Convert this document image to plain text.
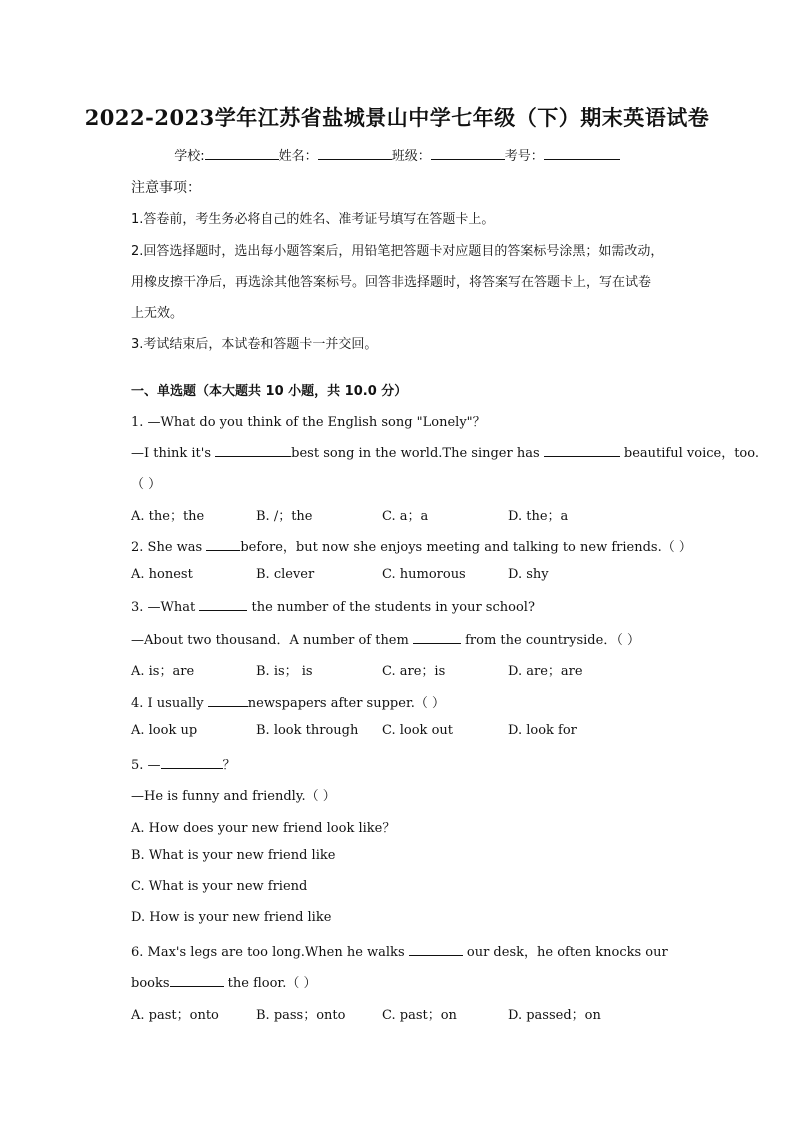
2022-2023学年江苏省盐城景山中学七年级（下）期末英语试卷
学校:	姓名：	班级：	考号：
注意事项：
1.答卷前，考生务必将自己的姓名、准考证号填写在答题卡上。
2.回答选择题时，选出每小题答案后，用铅笔把答题卡对应题目的答案标号涂黑；如需改动，
用橡皮擦干净后，再选涂其他答案标号。回答非选择题时，将答案写在答题卡上，写在试卷
上无效。
3.考试结束后，本试卷和答题卡一并交回。
一、单选题（本大题共 10 小题，共 10.0 分）
1. —What do you think of the English song "Lonely"？
—I think it's	best song in the world.The singer has	beautiful voice，too.
（ ）
A. the；the	B. /；the	C. a；a	D. the；a
2. She was	before，but now she enjoys meeting and talking to new friends.（ ）
A. honest	B. clever	C. humorous	D. shy
3. —What	the number of the students in your school?
—About two thousand．A number of them	from the countryside．（ ）
A. is；are	B. is； is	C. are；is	D. are；are
4. I usually	newspapers after supper.（ ）
A. look up	B. look through C. look out	D. look for
5. —	？
—He is funny and friendly.（ ）
A. How does your new friend look like？
B. What is your new friend like
C. What is your new friend
D. How is your new friend like
6. Max's legs are too long.When he walks	our desk，he often knocks our
books	the floor.（ ）
A. past；onto	B. pass；onto	C. past；on	D. passed；on
